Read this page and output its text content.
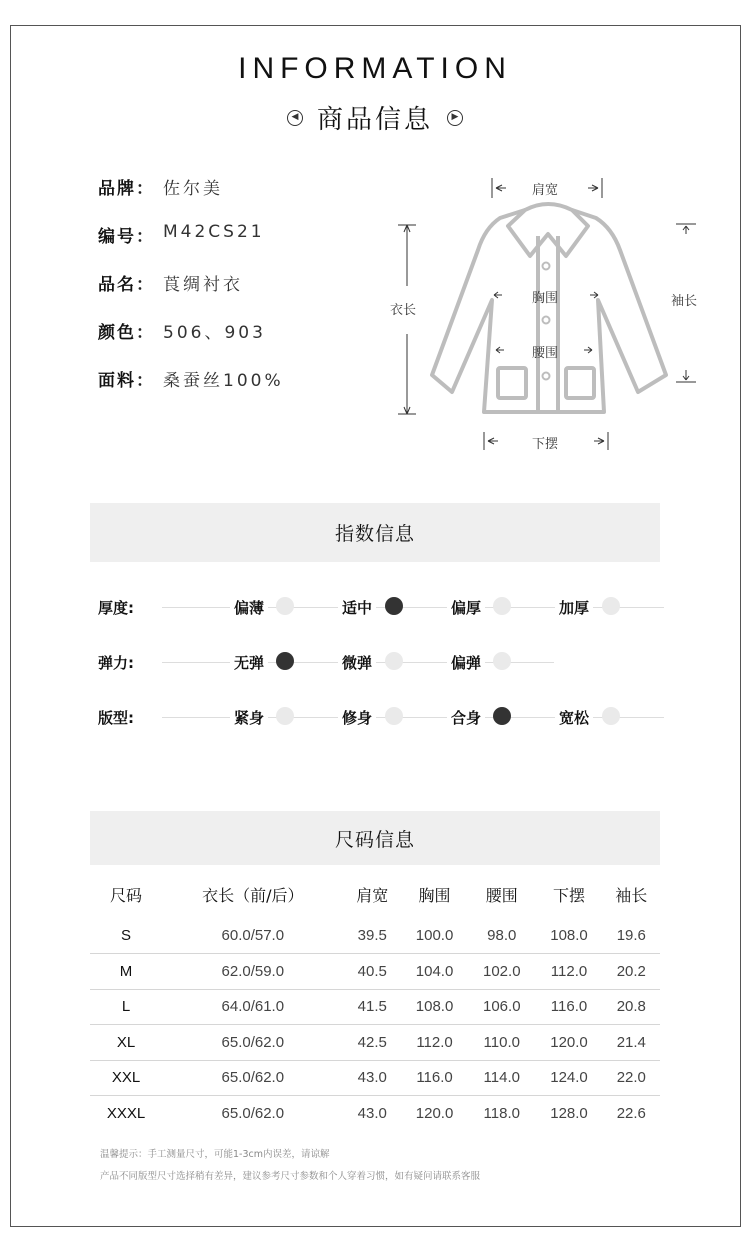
INFORMATION
◀ 商品信息	▶
品牌 ： 佐尔美
编号 ： M42CS21
品名 ： 莨绸衬衣
颜色 ： 506、903
面料 ： 桑蚕丝100%
肩宽
衣长
胸围
腰围
下摆
袖长
指数信息
厚度:	偏薄	适中	偏厚	加厚
弹力:	无弹	微弹	偏弹
版型:	紧身	修身	合身	宽松
尺码信息
尺码	衣长（前/后）	肩宽	胸围	腰围	下摆	袖长
S	60.0/57.0	39.5	100.0	98.0	108.0	19.6
M	62.0/59.0	40.5	104.0	102.0	112.0	20.2
L	64.0/61.0	41.5	108.0	106.0	116.0	20.8
XL	65.0/62.0	42.5	112.0	110.0	120.0	21.4
XXL	65.0/62.0	43.0	116.0	114.0	124.0	22.0
XXXL	65.0/62.0	43.0	120.0	118.0	128.0	22.6
温馨提示：手工测量尺寸，可能1-3cm内误差，请谅解
产品不同版型尺寸选择稍有差异，建议参考尺寸参数和个人穿着习惯，如有疑问请联系客服
